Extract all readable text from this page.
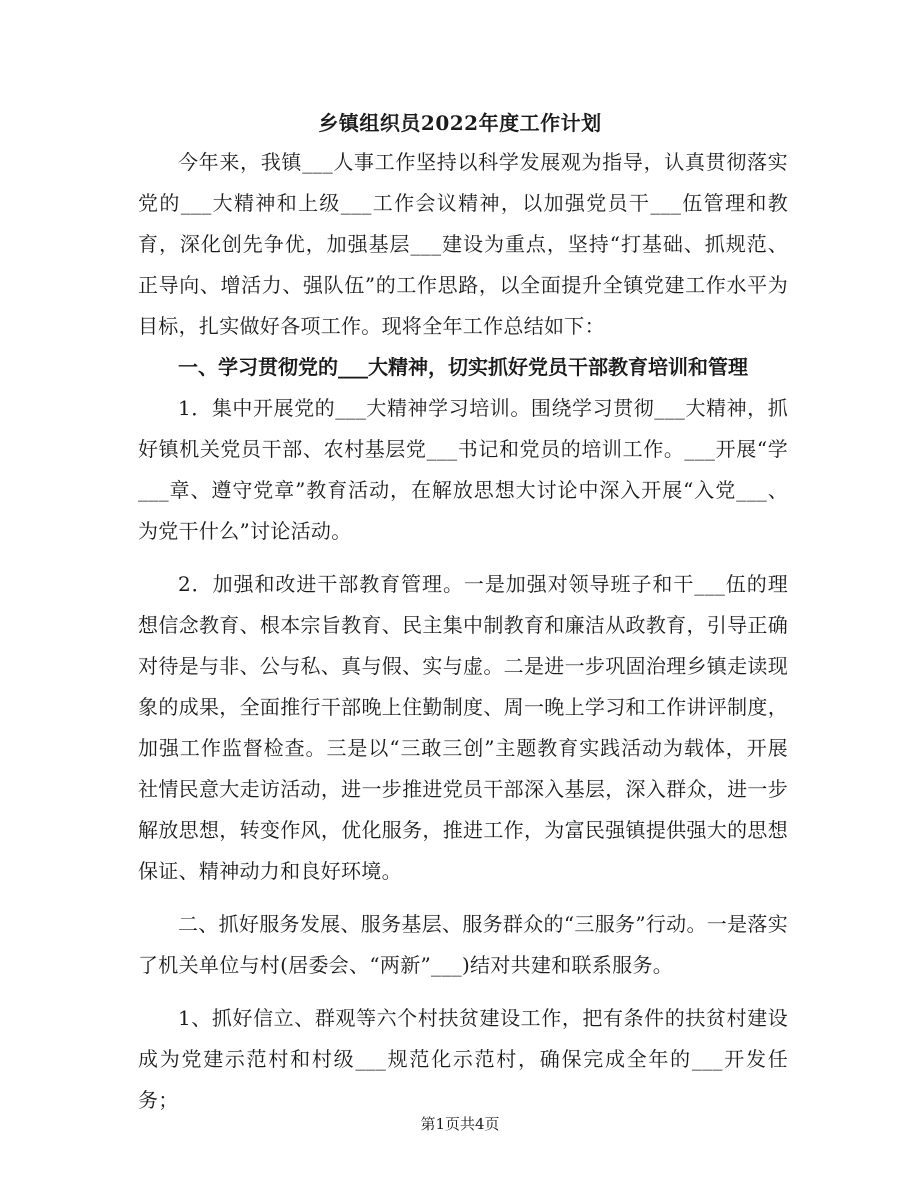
乡镇组织员2022年度工作计划

今年来，我镇___人事工作坚持以科学发展观为指导，认真贯彻落实党的___大精神和上级___工作会议精神，以加强党员干___伍管理和教育，深化创先争优，加强基层___建设为重点，坚持“打基础、抓规范、正导向、增活力、强队伍”的工作思路，以全面提升全镇党建工作水平为目标，扎实做好各项工作。现将全年工作总结如下：

一、学习贯彻党的___大精神，切实抓好党员干部教育培训和管理

1．集中开展党的___大精神学习培训。围绕学习贯彻___大精神，抓好镇机关党员干部、农村基层党___书记和党员的培训工作。___开展“学___章、遵守党章”教育活动，在解放思想大讨论中深入开展“入党___、为党干什么”讨论活动。

2．加强和改进干部教育管理。一是加强对领导班子和干___伍的理想信念教育、根本宗旨教育、民主集中制教育和廉洁从政教育，引导正确对待是与非、公与私、真与假、实与虚。二是进一步巩固治理乡镇走读现象的成果，全面推行干部晚上住勤制度、周一晚上学习和工作讲评制度，加强工作监督检查。三是以“三敢三创”主题教育实践活动为载体，开展社情民意大走访活动，进一步推进党员干部深入基层，深入群众，进一步解放思想，转变作风，优化服务，推进工作，为富民强镇提供强大的思想保证、精神动力和良好环境。

二、抓好服务发展、服务基层、服务群众的“三服务”行动。一是落实了机关单位与村(居委会、“两新”___)结对共建和联系服务。

1、抓好信立、群观等六个村扶贫建设工作，把有条件的扶贫村建设成为党建示范村和村级___规范化示范村，确保完成全年的___开发任务；

第1页共4页
